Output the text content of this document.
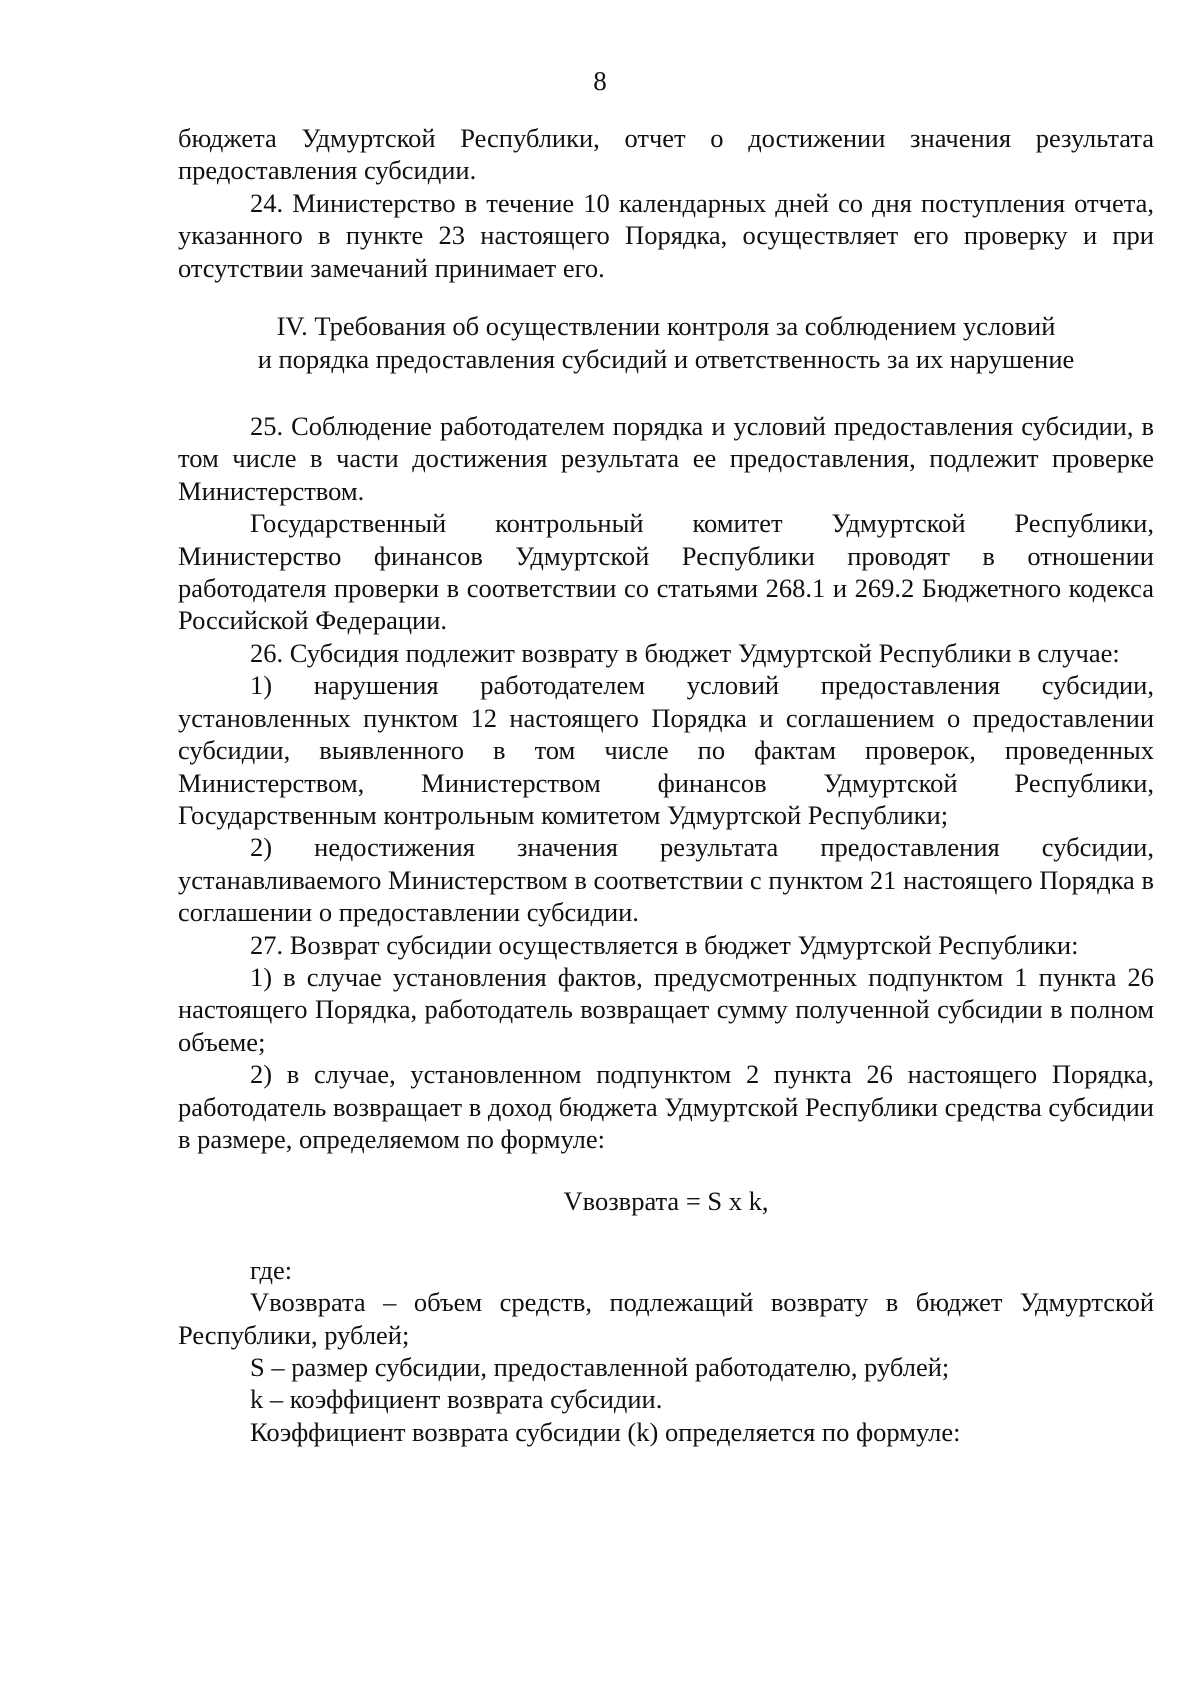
8

бюджета Удмуртской Республики, отчет о достижении значения результата предоставления субсидии.

24. Министерство в течение 10 календарных дней со дня поступления отчета, указанного в пункте 23 настоящего Порядка, осуществляет его проверку и при отсутствии замечаний принимает его.

IV. Требования об осуществлении контроля за соблюдением условий
и порядка предоставления субсидий и ответственность за их нарушение

25. Соблюдение работодателем порядка и условий предоставления субсидии, в том числе в части достижения результата ее предоставления, подлежит проверке Министерством.

Государственный контрольный комитет Удмуртской Республики, Министерство финансов Удмуртской Республики проводят в отношении работодателя проверки в соответствии со статьями 268.1 и 269.2 Бюджетного кодекса Российской Федерации.

26. Субсидия подлежит возврату в бюджет Удмуртской Республики в случае:

1) нарушения работодателем условий предоставления субсидии, установленных пунктом 12 настоящего Порядка и соглашением о предоставлении субсидии, выявленного в том числе по фактам проверок, проведенных Министерством, Министерством финансов Удмуртской Республики, Государственным контрольным комитетом Удмуртской Республики;

2) недостижения значения результата предоставления субсидии, устанавливаемого Министерством в соответствии с пунктом 21 настоящего Порядка в соглашении о предоставлении субсидии.

27. Возврат субсидии осуществляется в бюджет Удмуртской Республики:

1) в случае установления фактов, предусмотренных подпунктом 1 пункта 26 настоящего Порядка, работодатель возвращает сумму полученной субсидии в полном объеме;

2) в случае, установленном подпунктом 2 пункта 26 настоящего Порядка, работодатель возвращает в доход бюджета Удмуртской Республики средства субсидии в размере, определяемом по формуле:

Vвозврата = S x k,

где:

Vвозврата – объем средств, подлежащий возврату в бюджет Удмуртской Республики, рублей;

S – размер субсидии, предоставленной работодателю, рублей;

k – коэффициент возврата субсидии.

Коэффициент возврата субсидии (k) определяется по формуле:
